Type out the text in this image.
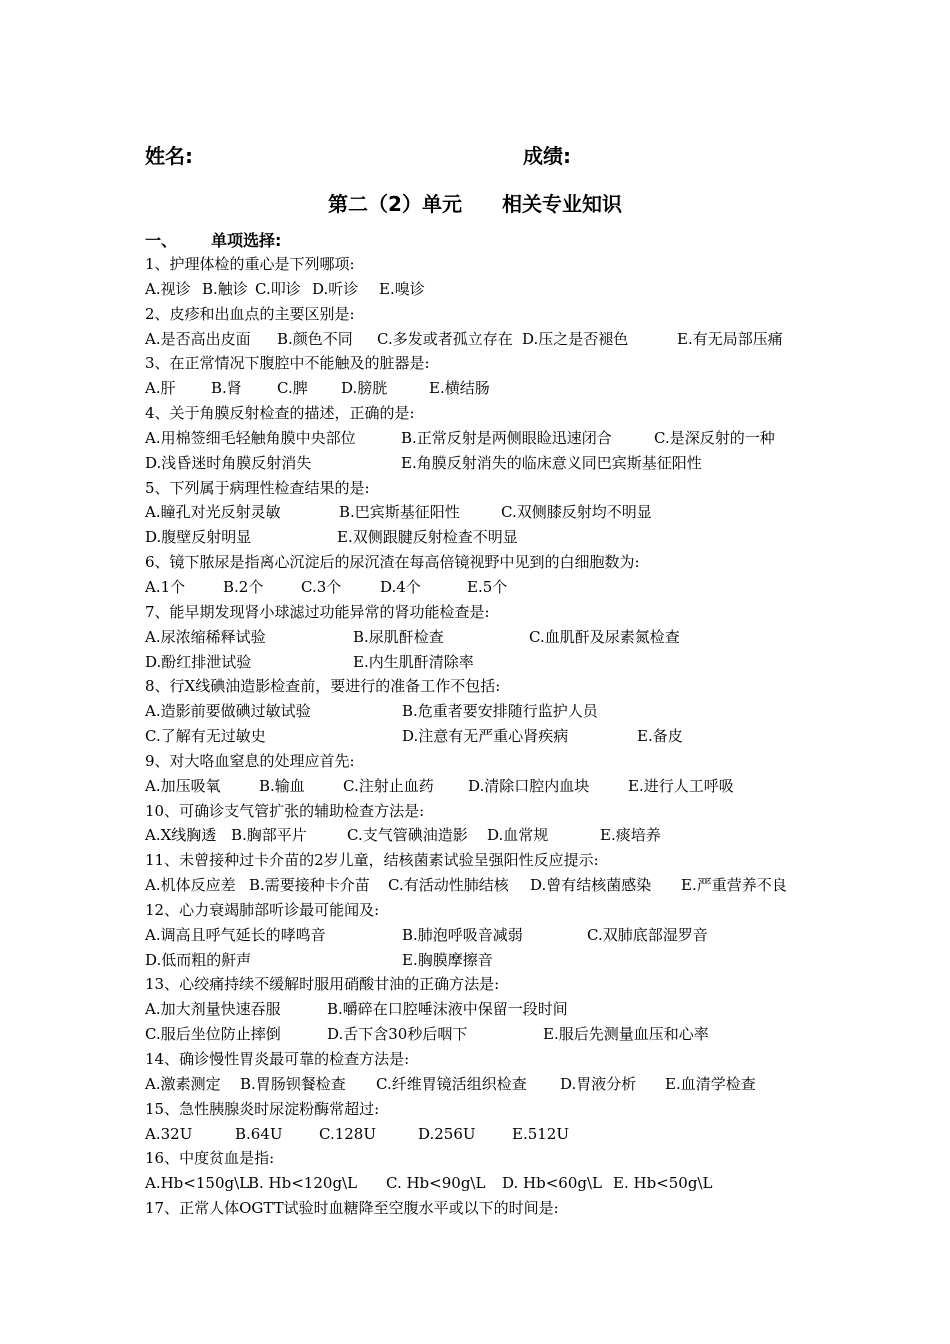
姓名:	成绩:
第二（2）单元　　相关专业知识
一、 单项选择:
1、护理体检的重心是下列哪项:
A.视诊 B.触诊 C.叩诊 D.听诊 E.嗅诊
2、皮疹和出血点的主要区别是:
A.是否高出皮面 B.颜色不同 C.多发或者孤立存在 D.压之是否褪色	E.有无局部压痛
3、在正常情况下腹腔中不能触及的脏器是:
A.肝 B.肾 C.脾 D.膀胱	E.横结肠
4、关于角膜反射检查的描述，正确的是:
A.用棉签细毛轻触角膜中央部位	B.正常反射是两侧眼睑迅速闭合	C.是深反射的一种
D.浅昏迷时角膜反射消失	E.角膜反射消失的临床意义同巴宾斯基征阳性
5、下列属于病理性检查结果的是:
A.瞳孔对光反射灵敏	B.巴宾斯基征阳性	C.双侧膝反射均不明显
D.腹壁反射明显	E.双侧跟腱反射检查不明显
6、镜下脓尿是指离心沉淀后的尿沉渣在每高倍镜视野中见到的白细胞数为:
A.1个	B.2个	C.3个	D.4个	E.5个
7、能早期发现肾小球滤过功能异常的肾功能检查是:
A.尿浓缩稀释试验	B.尿肌酐检查	C.血肌酐及尿素氮检查
D.酚红排泄试验	E.内生肌酐清除率
8、行X线碘油造影检查前，要进行的准备工作不包括:
A.造影前要做碘过敏试验	B.危重者要安排随行监护人员
C.了解有无过敏史	D.注意有无严重心肾疾病	E.备皮
9、对大咯血窒息的处理应首先:
A.加压吸氧	B.输血	C.注射止血药 D.清除口腔内血块	E.进行人工呼吸
10、可确诊支气管扩张的辅助检查方法是:
A.X线胸透 B.胸部平片	C.支气管碘油造影 D.血常规	E.痰培养
11、未曾接种过卡介苗的2岁儿童，结核菌素试验呈强阳性反应提示:
A.机体反应差 B.需要接种卡介苗 C.有活动性肺结核 D.曾有结核菌感染 E.严重营养不良
12、心力衰竭肺部听诊最可能闻及:
A.调高且呼气延长的哮鸣音	B.肺泡呼吸音减弱	C.双肺底部湿罗音
D.低而粗的鼾声	E.胸膜摩擦音
13、心绞痛持续不缓解时服用硝酸甘油的正确方法是:
A.加大剂量快速吞服	B.嚼碎在口腔唾沫液中保留一段时间
C.服后坐位防止摔倒	D.舌下含30秒后咽下	E.服后先测量血压和心率
14、确诊慢性胃炎最可靠的检查方法是:
A.激素测定 B.胃肠钡餐检查 C.纤维胃镜活组织检查 D.胃液分析 E.血清学检查
15、急性胰腺炎时尿淀粉酶常超过:
A.32U	B.64U C.128U	D.256U E.512U
16、中度贫血是指:
A.Hb<150g\L
B. Hb<120g\L C. Hb<90g\L D. Hb<60g\L E. Hb<50g\L
17、正常人体OGTT试验时血糖降至空腹水平或以下的时间是:
